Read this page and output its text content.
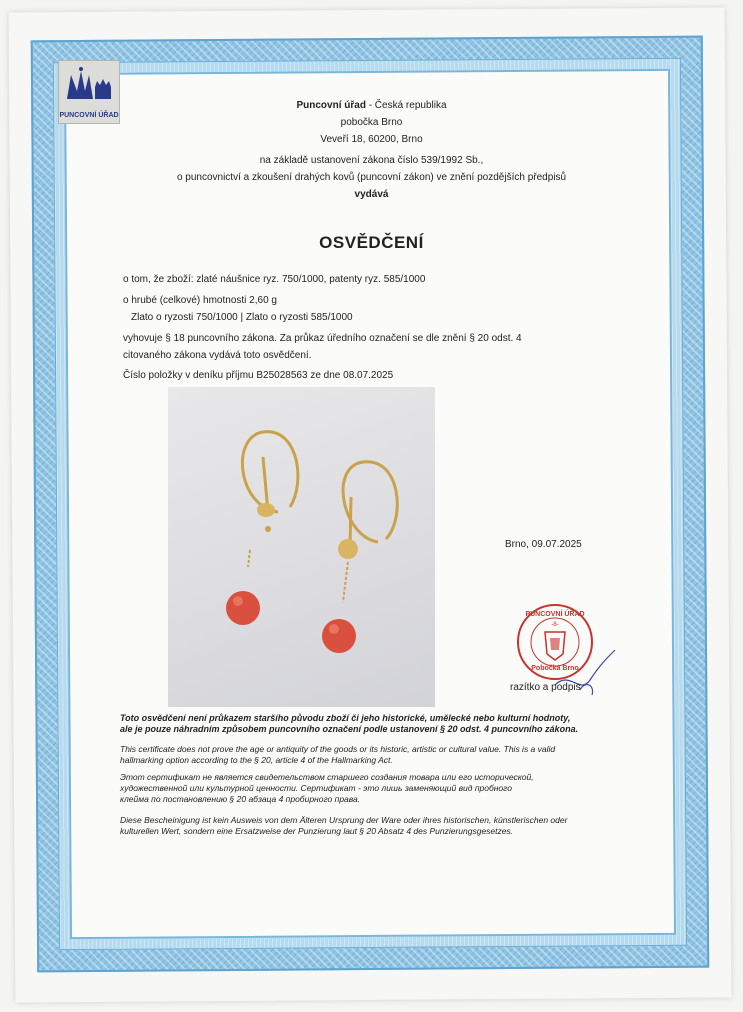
PUNCOVNÍ ÚŘAD
Puncovní úřad - Česká republika
pobočka Brno
Veveří 18, 60200, Brno
na základě ustanovení zákona číslo 539/1992 Sb.,
o puncovnictví a zkoušení drahých kovů (puncovní zákon) ve znění pozdějších předpisů
vydává
OSVĚDČENÍ
o tom, že zboží: zlaté náušnice ryz. 750/1000, patenty ryz. 585/1000
o hrubé (celkové) hmotnosti 2,60 g
Zlato o ryzosti 750/1000 | Zlato o ryzosti 585/1000
vyhovuje § 18 puncovního zákona. Za průkaz úředního označení se dle znění § 20 odst. 4
citovaného zákona vydává toto osvědčení.
Číslo položky v deníku příjmu B25028563 ze dne 08.07.2025
Brno, 09.07.2025
PUNCOVNÍ ÚŘAD
-8-
Pobočka Brno
razítko a podpis
Toto osvědčení není průkazem staršího původu zboží či jeho historické, umělecké nebo kulturní hodnoty,
ale je pouze náhradním způsobem puncovního označení podle ustanovení § 20 odst. 4 puncovního zákona.
This certificate does not prove the age or antiquity of the goods or its historic, artistic or cultural value. This is a valid
hallmarking option according to the § 20, article 4 of the Hallmarking Act.
Этот сертификат не является свидетельством старшего создания товара или его исторической,
художественной или культурной ценности. Сертификат - это лишь заменяющий вид пробного
клейма по постановлению § 20 абзаца 4 пробирного права.
Diese Bescheinigung ist kein Ausweis von dem Älteren Ursprung der Ware oder ihres historischen, künstlerischen oder
kulturellen Wert, sondern eine Ersatzweise der Punzierung laut § 20 Absatz 4 des Punzierungsgesetzes.
